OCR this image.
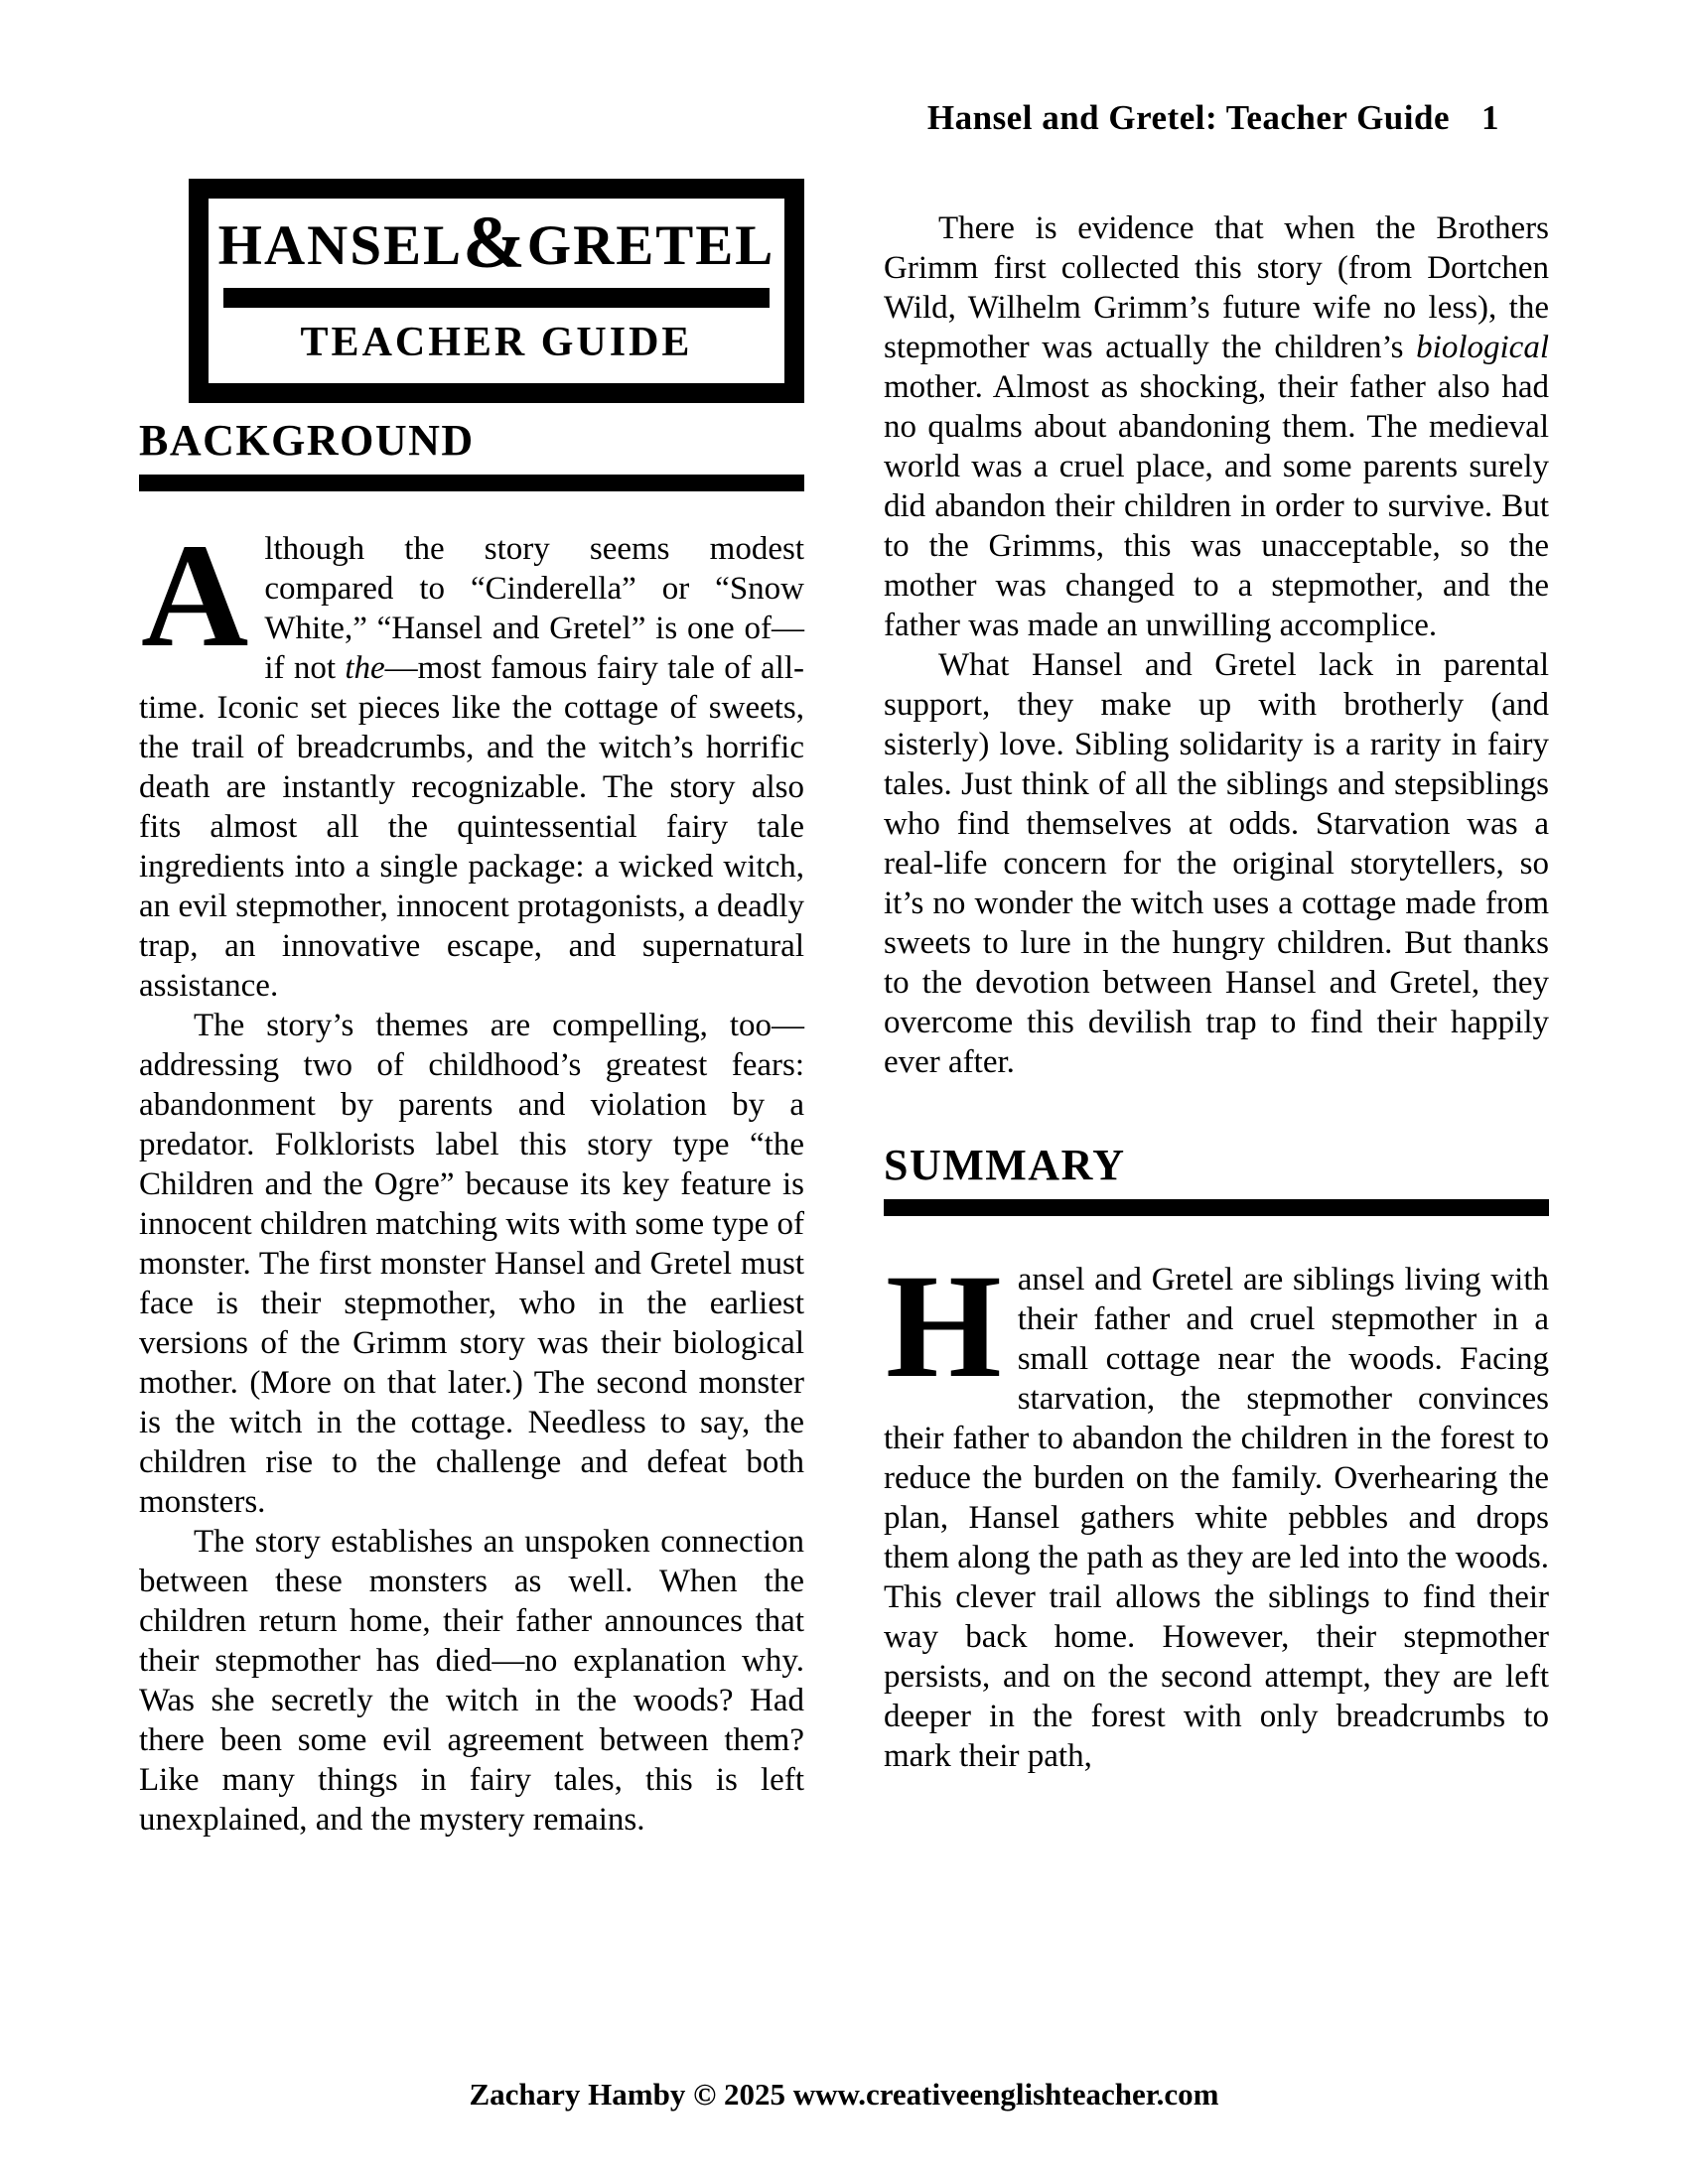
Hansel and Gretel: Teacher Guide 1
HANSEL&GRETEL
TEACHER GUIDE
BACKGROUND

Although the story seems modest compared to “Cinderella” or “Snow White,” “Hansel and Gretel” is one of—if not the—most famous fairy tale of all-time. Iconic set pieces like the cottage of sweets, the trail of breadcrumbs, and the witch’s horrific death are instantly recognizable. The story also fits almost all the quintessential fairy tale ingredients into a single package: a wicked witch, an evil stepmother, innocent protagonists, a deadly trap, an innovative escape, and supernatural assistance.

The story’s themes are compelling, too—addressing two of childhood’s greatest fears: abandonment by parents and violation by a predator. Folklorists label this story type “the Children and the Ogre” because its key feature is innocent children matching wits with some type of monster. The first monster Hansel and Gretel must face is their stepmother, who in the earliest versions of the Grimm story was their biological mother. (More on that later.) The second monster is the witch in the cottage. Needless to say, the children rise to the challenge and defeat both monsters.

The story establishes an unspoken connection between these monsters as well. When the children return home, their father announces that their stepmother has died—no explanation why. Was she secretly the witch in the woods? Had there been some evil agreement between them? Like many things in fairy tales, this is left unexplained, and the mystery remains.

There is evidence that when the Brothers Grimm first collected this story (from Dortchen Wild, Wilhelm Grimm’s future wife no less), the stepmother was actually the children’s biological mother. Almost as shocking, their father also had no qualms about abandoning them. The medieval world was a cruel place, and some parents surely did abandon their children in order to survive. But to the Grimms, this was unacceptable, so the mother was changed to a stepmother, and the father was made an unwilling accomplice.

What Hansel and Gretel lack in parental support, they make up with brotherly (and sisterly) love. Sibling solidarity is a rarity in fairy tales. Just think of all the siblings and stepsiblings who find themselves at odds. Starvation was a real-life concern for the original storytellers, so it’s no wonder the witch uses a cottage made from sweets to lure in the hungry children. But thanks to the devotion between Hansel and Gretel, they overcome this devilish trap to find their happily ever after.

SUMMARY

Hansel and Gretel are siblings living with their father and cruel stepmother in a small cottage near the woods. Facing starvation, the stepmother convinces their father to abandon the children in the forest to reduce the burden on the family. Overhearing the plan, Hansel gathers white pebbles and drops them along the path as they are led into the woods. This clever trail allows the siblings to find their way back home. However, their stepmother persists, and on the second attempt, they are left deeper in the forest with only breadcrumbs to mark their path,

Zachary Hamby © 2025 www.creativeenglishteacher.com
